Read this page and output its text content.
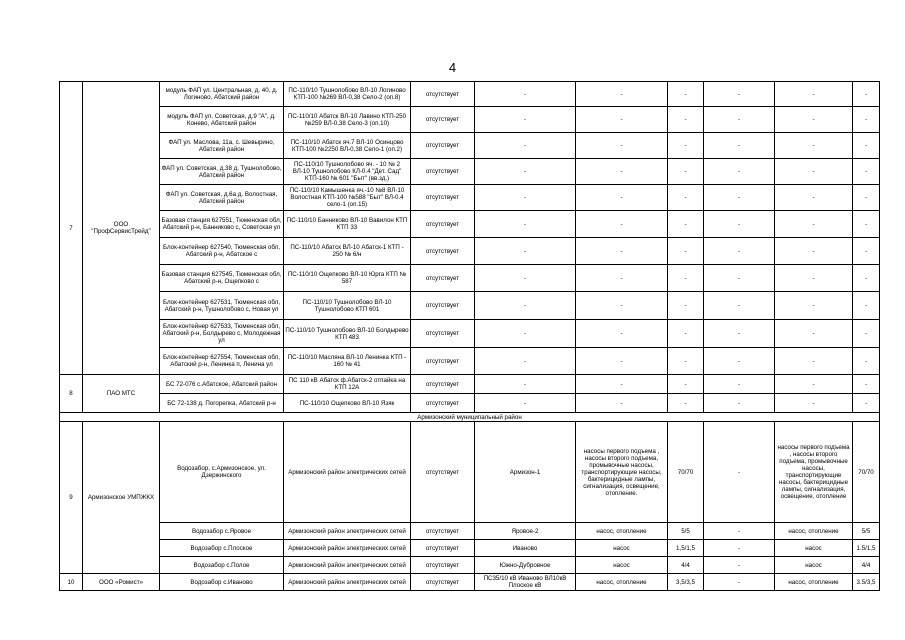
4
7	ООО "ПрофСервисТрейд"	модуль ФАП ул. Центральная, д. 40, д. Логиново, Абатский район	ПС-110/10 Тушнолобово ВЛ-10 Логиново КТП-100 №269 ВЛ-0,38 Село-2 (оп.8)	отсутствует	-	-	-	-	-	-
		модуль ФАП ул. Советская, д.9 "А", д. Конево, Абатский район	ПС-110/10 Абатск ВЛ-10 Лавино КТП-250 №259 ВЛ-0,38 Село-3 (оп.10)	отсутствует	-	-	-	-	-	-
		ФАП ул. Маслова, 11а, с. Шевырино, Абатский район	ПС-110/10 Абатск яч.7 ВЛ-10 Осинцово КТП-100 №2250 ВЛ-0,38 Село-1 (оп.2)	отсутствует	-	-	-	-	-	-
		ФАП ул. Советская, д.38 д. Тушнолобово, Абатский район	ПС-110/10 Тушнолобово яч. - 10 № 2 ВЛ-10 Тушнолобово КЛ-0.4 "Дет. Сад" КТП-160 № 601 "Быт" (вв.зд.)	отсутствует	-	-	-	-	-	-
		ФАП ул. Советская, д.6а д. Волостная, Абатский район	ПС-110/10 Камышенка яч.-10 №8 ВЛ-10 Волостная КТП-100 №588 "Быт" ВЛ-0.4 село-1 (оп.15)	отсутствует	-	-	-	-	-	-
		Базовая станция 627551, Тюменская обл, Абатский р-н, Банниково с, Советская ул	ПС-110/10 Банниково ВЛ-10 Вавилон КТП КТП 33	отсутствует	-	-	-	-	-	-
		Блок-контейнер 627540, Тюменская обл, Абатский р-н, Абатское с	ПС-110/10 Абатск ВЛ-10 Абатск-1 КТП - 250 № 6/н	отсутствует	-	-	-	-	-	-
		Базовая станция 627545, Тюменская обл, Абатский р-н, Ощепково с	ПС-110/10 Ощепково ВЛ-10 Юрга КТП № 587	отсутствует	-	-	-	-	-	-
		Блок-контейнер 627531, Тюменская обл, Абатский р-н, Тушнолобово с, Новая ул	ПС-110/10 Тушнолобово ВЛ-10 Тушнолобово КТП 601	отсутствует	-	-	-	-	-	-
		Блок-контейнер 627533, Тюменская обл, Абатский р-н, Болдырево с, Молодежная ул	ПС-110/10 Тушнолобово ВЛ-10 Болдырево КТП 483	отсутствует	-	-	-	-	-	-
		Блок-контейнер 627554, Тюменская обл, Абатский р-н, Ленинка п, Ленина ул	ПС-110/10 Масляна ВЛ-10 Ленинка КТП - 160 № 41	отсутствует	-	-	-	-	-	-
8	ПАО МТС	БС 72-076 с.Абатское, Абатский район	ПС 110 кВ Абатск ф.Абатск-2 отпайка на КТП 12А	отсутствует	-	-	-	-	-	-
		БС 72-138 д. Погорелка, Абатский р-н	ПС-110/10 Ощепково ВЛ-10 Язяк	отсутствует	-	-	-	-	-	-
Армизонский муниципальный район										
9	Армизонское УМПЖКХ	Водозабор, с.Армизонское, ул. Дзержинского	Армизонский район электрических сетей	отсутствует	Армизон-1	насосы первого подъема , насосы второго подъема, промывочные насосы, транспортирующие насосы, бактерицидные лампы, сигнализация, освещение, отопление.	70/70	-	насосы первого подъема , насосы второго подъема, промывочные насосы, транспортирующие насосы, бактерицидные лампы, сигнализация, освещение, отопление	70/70
		Водозабор с.Яровое	Армизонский район электрических сетей	отсутствует	Яровое-2	насос, отопление	5/5	-	насос, отопление	5/5
		Водозабор с.Плоское	Армизонский район электрических сетей	отсутствует	Иваново	насос	1,5/1,5	-	насос	1.5/1,5
		Водозабор с.Полое	Армизонский район электрических сетей	отсутствует	Южно-Дубровное	насос	4/4	-	насос	4/4
10	ООО «Ромист»	Водозабор с.Иваново	Армизонский район электрических сетей	отсутствует	ПС35/10 кВ Иваново ВЛ10кВ Плоское кВ	насос, отопление	3,5/3,5	-	насос, отопление	3.5/3,5
